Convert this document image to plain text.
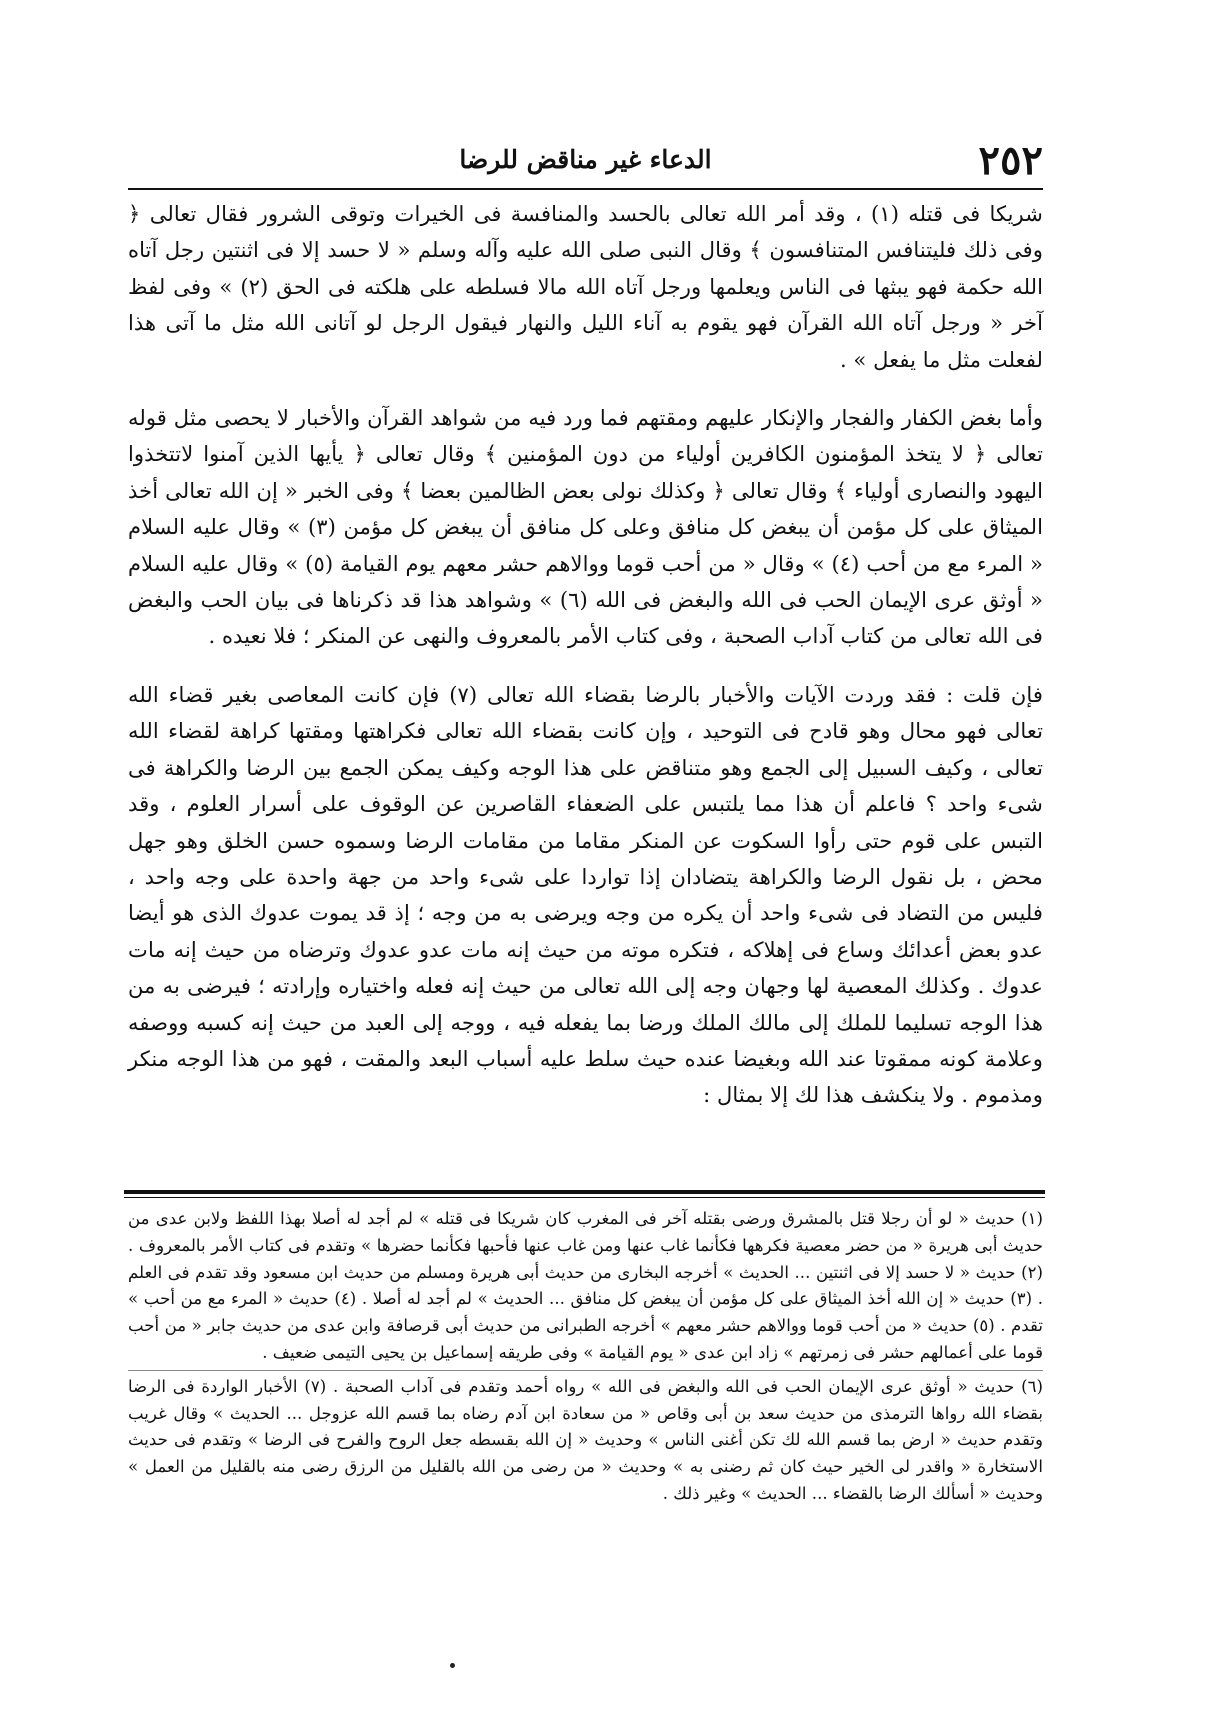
٢٥٢
الدعاء غير مناقض للرضا

شريكا فى قتله (١) ، وقد أمر الله تعالى بالحسد والمنافسة فى الخيرات وتوقى الشرور فقال تعالى ﴿ وفى ذلك فليتنافس المتنافسون ﴾ وقال النبى صلى الله عليه وآله وسلم « لا حسد إلا فى اثنتين رجل آتاه الله حكمة فهو يبثها فى الناس ويعلمها ورجل آتاه الله مالا فسلطه على هلكته فى الحق (٢) » وفى لفظ آخر « ورجل آتاه الله القرآن فهو يقوم به آناء الليل والنهار فيقول الرجل لو آتانى الله مثل ما آتى هذا لفعلت مثل ما يفعل » .

وأما بغض الكفار والفجار والإنكار عليهم ومقتهم فما ورد فيه من شواهد القرآن والأخبار لا يحصى مثل قوله تعالى ﴿ لا يتخذ المؤمنون الكافرين أولياء من دون المؤمنين ﴾ وقال تعالى ﴿ يأيها الذين آمنوا لاتتخذوا اليهود والنصارى أولياء ﴾ وقال تعالى ﴿ وكذلك نولى بعض الظالمين بعضا ﴾ وفى الخبر « إن الله تعالى أخذ الميثاق على كل مؤمن أن يبغض كل منافق وعلى كل منافق أن يبغض كل مؤمن (٣) » وقال عليه السلام « المرء مع من أحب (٤) » وقال « من أحب قوما ووالاهم حشر معهم يوم القيامة (٥) » وقال عليه السلام « أوثق عرى الإيمان الحب فى الله والبغض فى الله (٦) » وشواهد هذا قد ذكرناها فى بيان الحب والبغض فى الله تعالى من كتاب آداب الصحبة ، وفى كتاب الأمر بالمعروف والنهى عن المنكر ؛ فلا نعيده .

فإن قلت : فقد وردت الآيات والأخبار بالرضا بقضاء الله تعالى (٧) فإن كانت المعاصى بغير قضاء الله تعالى فهو محال وهو قادح فى التوحيد ، وإن كانت بقضاء الله تعالى فكراهتها ومقتها كراهة لقضاء الله تعالى ، وكيف السبيل إلى الجمع وهو متناقض على هذا الوجه وكيف يمكن الجمع بين الرضا والكراهة فى شىء واحد ؟ فاعلم أن هذا مما يلتبس على الضعفاء القاصرين عن الوقوف على أسرار العلوم ، وقد التبس على قوم حتى رأوا السكوت عن المنكر مقاما من مقامات الرضا وسموه حسن الخلق وهو جهل محض ، بل نقول الرضا والكراهة يتضادان إذا تواردا على شىء واحد من جهة واحدة على وجه واحد ، فليس من التضاد فى شىء واحد أن يكره من وجه ويرضى به من وجه ؛ إذ قد يموت عدوك الذى هو أيضا عدو بعض أعدائك وساع فى إهلاكه ، فتكره موته من حيث إنه مات عدو عدوك وترضاه من حيث إنه مات عدوك . وكذلك المعصية لها وجهان وجه إلى الله تعالى من حيث إنه فعله واختياره وإرادته ؛ فيرضى به من هذا الوجه تسليما للملك إلى مالك الملك ورضا بما يفعله فيه ، ووجه إلى العبد من حيث إنه كسبه ووصفه وعلامة كونه ممقوتا عند الله وبغيضا عنده حيث سلط عليه أسباب البعد والمقت ، فهو من هذا الوجه منكر ومذموم . ولا ينكشف هذا لك إلا بمثال :

(١) حديث « لو أن رجلا قتل بالمشرق ورضى بقتله آخر فى المغرب كان شريكا فى قتله » لم أجد له أصلا بهذا اللفظ ولابن عدى من حديث أبى هريرة « من حضر معصية فكرهها فكأنما غاب عنها ومن غاب عنها فأحبها فكأنما حضرها » وتقدم فى كتاب الأمر بالمعروف . (٢) حديث « لا حسد إلا فى اثنتين ... الحديث » أخرجه البخارى من حديث أبى هريرة ومسلم من حديث ابن مسعود وقد تقدم فى العلم . (٣) حديث « إن الله أخذ الميثاق على كل مؤمن أن يبغض كل منافق ... الحديث » لم أجد له أصلا . (٤) حديث « المرء مع من أحب » تقدم . (٥) حديث « من أحب قوما ووالاهم حشر معهم » أخرجه الطبرانى من حديث أبى قرصافة وابن عدى من حديث جابر « من أحب قوما على أعمالهم حشر فى زمرتهم » زاد ابن عدى « يوم القيامة » وفى طريقه إسماعيل بن يحيى التيمى ضعيف .

(٦) حديث « أوثق عرى الإيمان الحب فى الله والبغض فى الله » رواه أحمد وتقدم فى آداب الصحبة . (٧) الأخبار الواردة فى الرضا بقضاء الله رواها الترمذى من حديث سعد بن أبى وقاص « من سعادة ابن آدم رضاه بما قسم الله عزوجل ... الحديث » وقال غريب وتقدم حديث « ارض بما قسم الله لك تكن أغنى الناس » وحديث « إن الله بقسطه جعل الروح والفرح فى الرضا » وتقدم فى حديث الاستخارة « واقدر لى الخير حيث كان ثم رضنى به » وحديث « من رضى من الله بالقليل من الرزق رضى منه بالقليل من العمل » وحديث « أسألك الرضا بالقضاء ... الحديث » وغير ذلك .
